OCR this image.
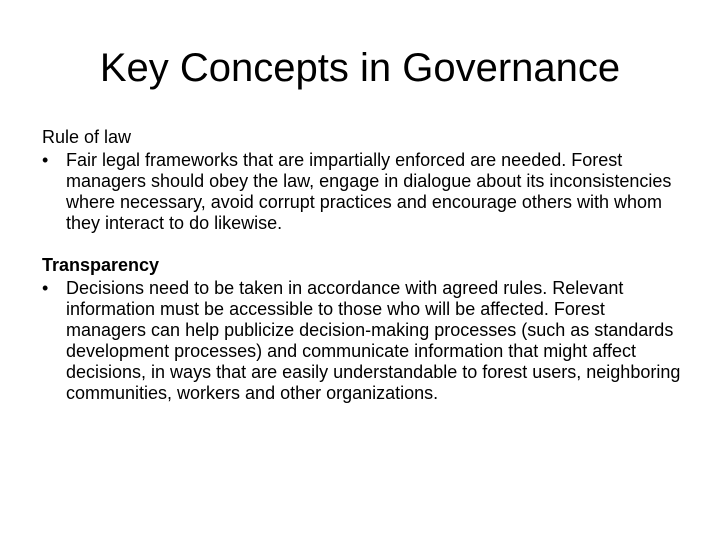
Key Concepts in Governance
Rule of law
• Fair legal frameworks that are impartially enforced are needed. Forest managers should obey the law, engage in dialogue about its inconsistencies where necessary, avoid corrupt practices and encourage others with whom they interact to do likewise.
Transparency
• Decisions need to be taken in accordance with agreed rules. Relevant information must be accessible to those who will be affected. Forest managers can help publicize decision-making processes (such as standards development processes) and communicate information that might affect decisions, in ways that are easily understandable to forest users, neighboring communities, workers and other organizations.
